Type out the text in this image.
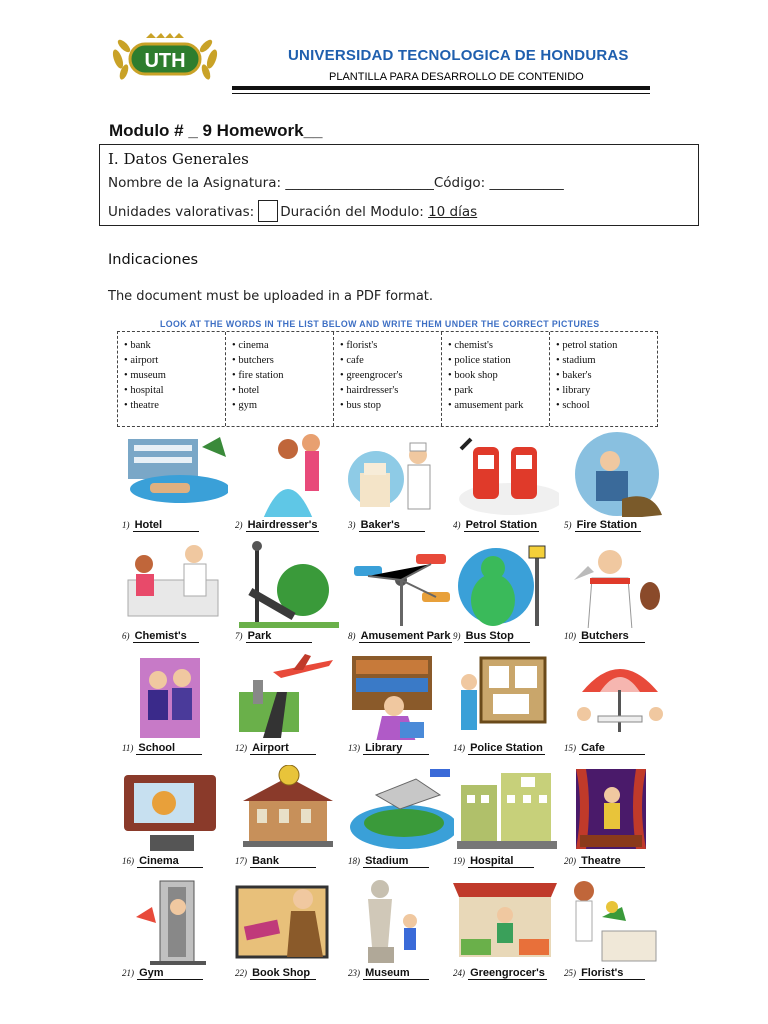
UTH	UNIVERSIDAD TECNOLOGICA DE HONDURAS
PLANTILLA PARA DESARROLLO DE CONTENIDO
Modulo # _ 9 Homework__
I. Datos Generales
Nombre de la Asignatura: ______________________Código: ___________
Unidades valorativas: Duración del Modulo: 10 días
Indicaciones
The document must be uploaded in a PDF format.
LOOK AT THE WORDS IN THE LIST BELOW AND WRITE THEM UNDER THE CORRECT PICTURES
• bank
• airport
• museum
• hospital
• theatre
• cinema
• butchers
• fire station
• hotel
• gym
• florist's
• cafe
• greengrocer's
• hairdresser's
• bus stop
• chemist's
• police station
• book shop
• park
• amusement park
• petrol station
• stadium
• baker's
• library
• school
1) Hotel	2) Hairdresser's	3) Baker's	4) Petrol Station	5) Fire Station
6) Chemist's	7) Park	8) Amusement Park 9) Bus Stop	10) Butchers
11) School	12) Airport	13) Library	14) Police Station	15) Cafe
16) Cinema	17) Bank	18) Stadium	19) Hospital	20) Theatre
21) Gym	22) Book Shop	23) Museum	24) Greengrocer's	25) Florist's
